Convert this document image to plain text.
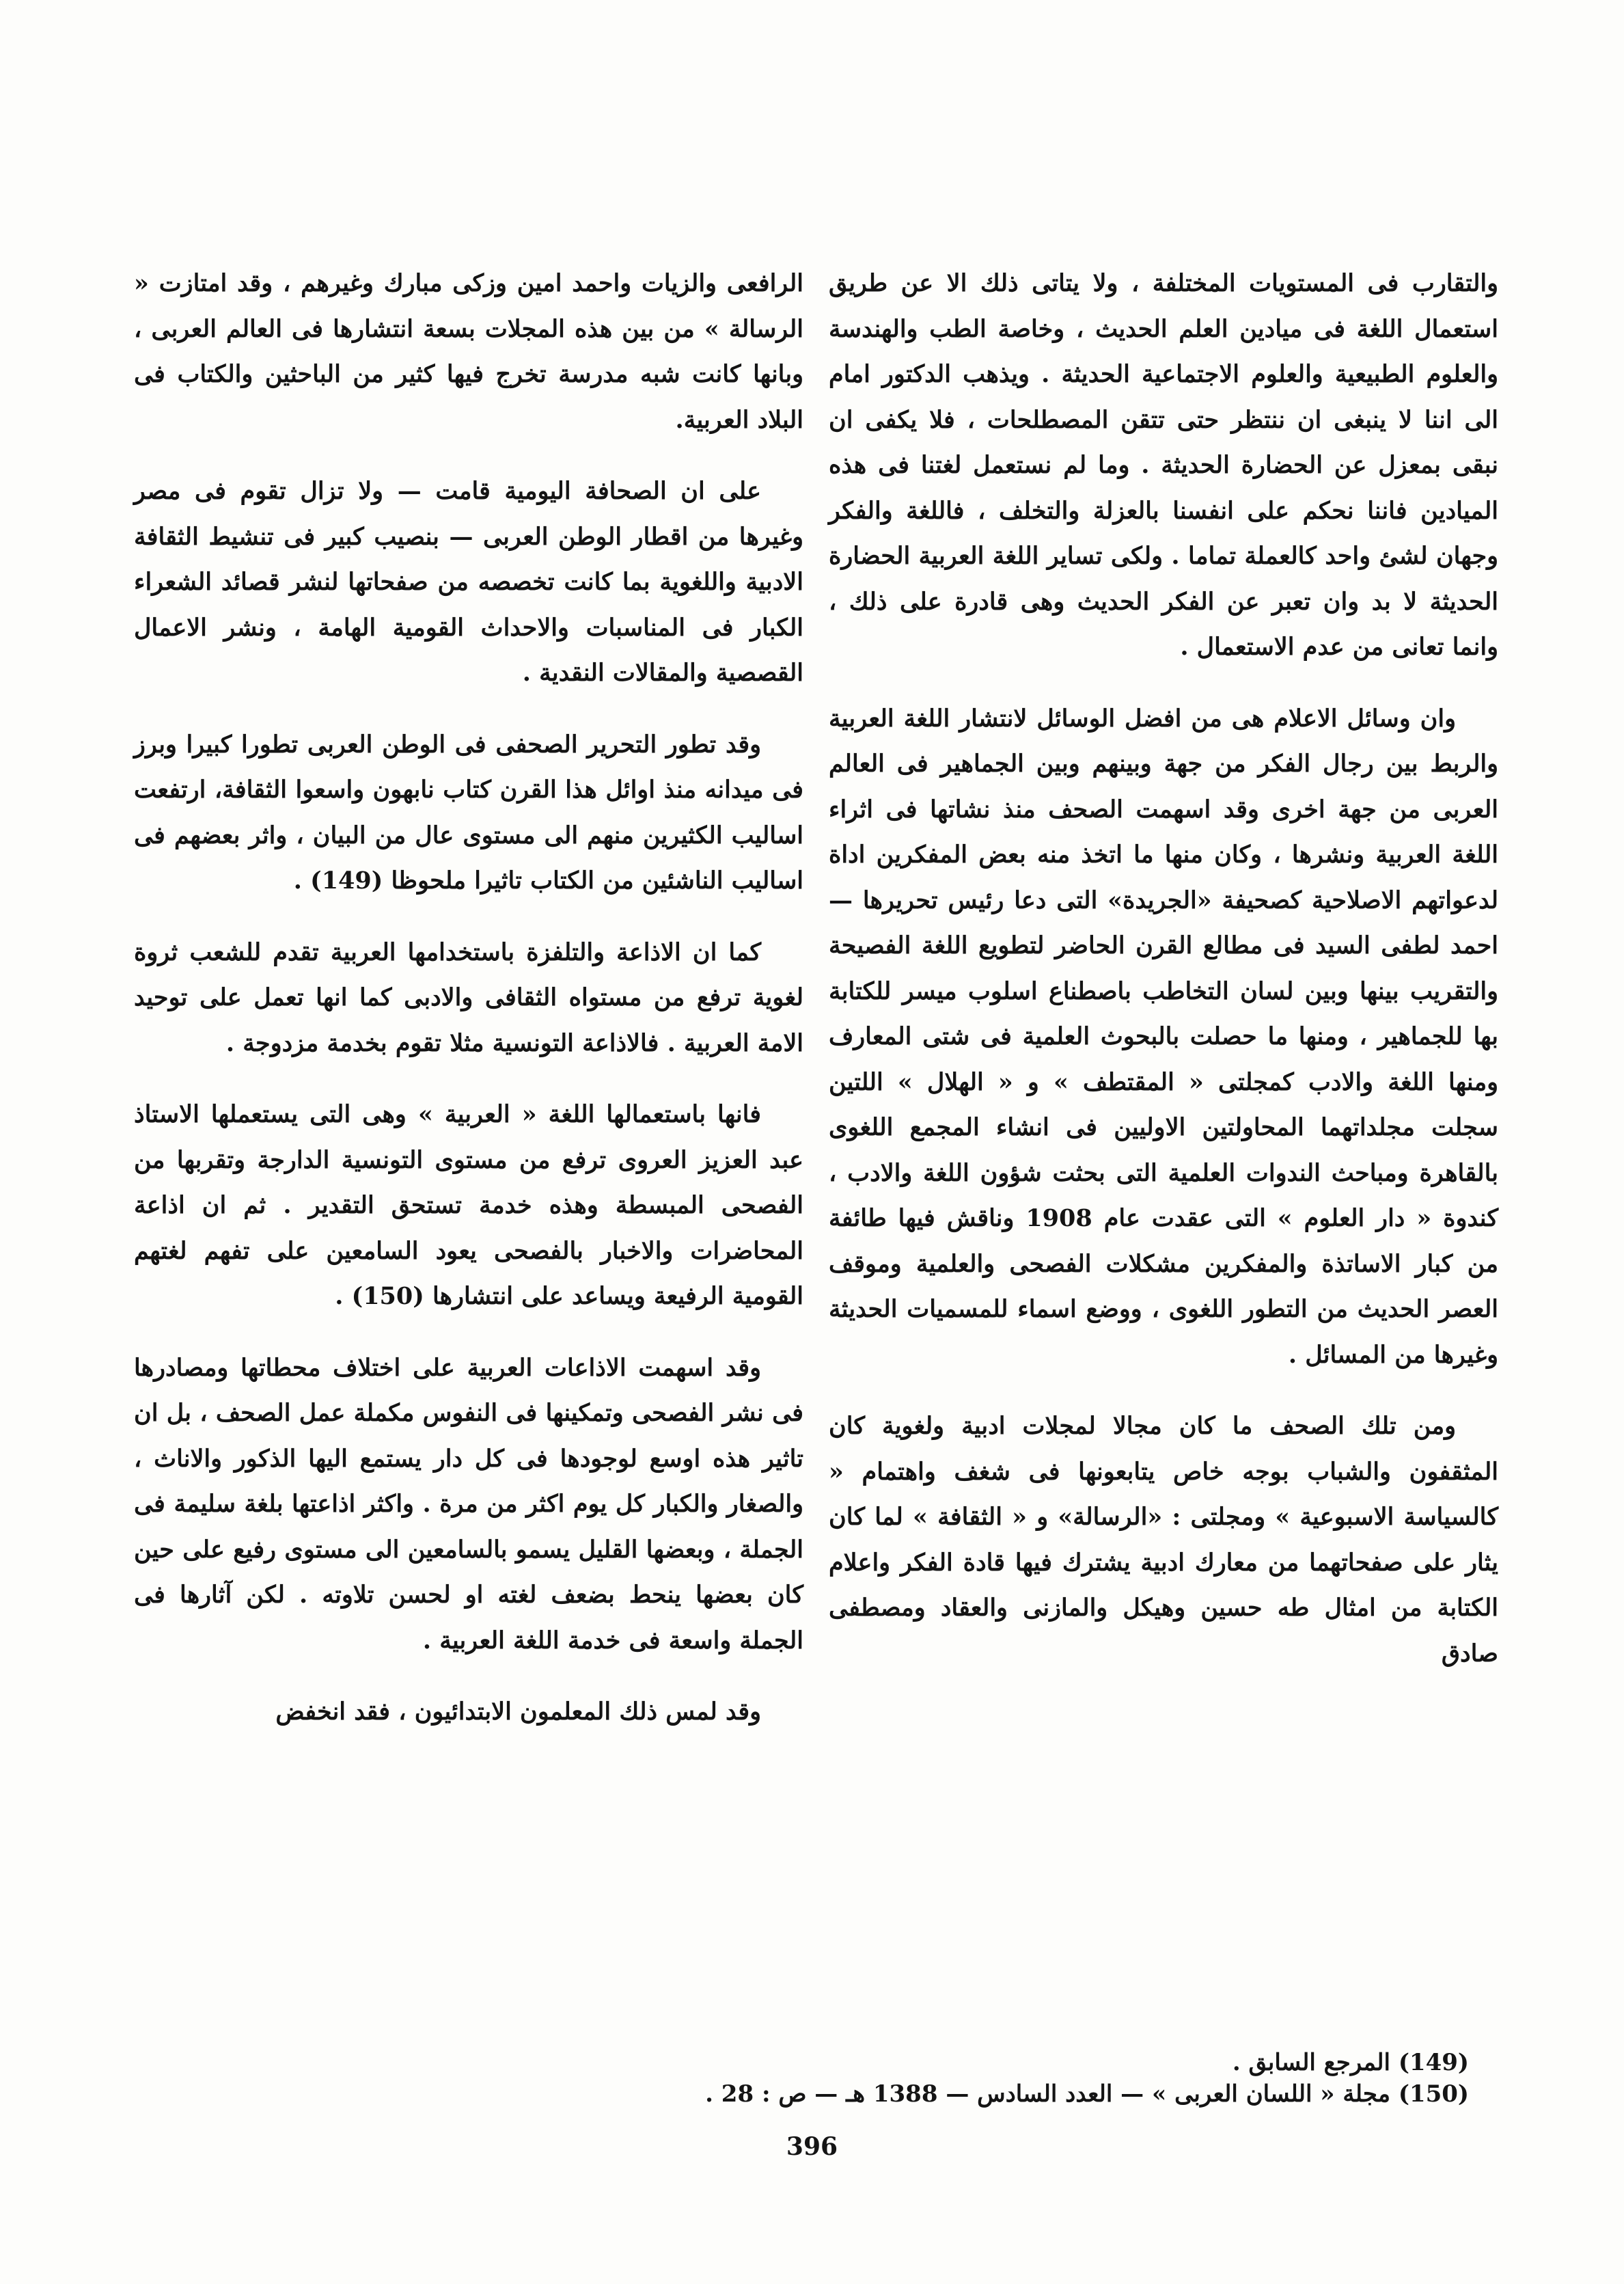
والتقارب فى المستويات المختلفة ، ولا يتاتى ذلك الا عن طريق استعمال اللغة فى ميادين العلم الحديث ، وخاصة الطب والهندسة والعلوم الطبيعية والعلوم الاجتماعية الحديثة . ويذهب الدكتور امام الى اننا لا ينبغى ان ننتظر حتى تتقن المصطلحات ، فلا يكفى ان نبقى بمعزل عن الحضارة الحديثة . وما لم نستعمل لغتنا فى هذه الميادين فاننا نحكم على انفسنا بالعزلة والتخلف ، فاللغة والفكر وجهان لشئ واحد كالعملة تماما . ولكى تساير اللغة العربية الحضارة الحديثة لا بد وان تعبر عن الفكر الحديث وهى قادرة على ذلك ، وانما تعانى من عدم الاستعمال .

وان وسائل الاعلام هى من افضل الوسائل لانتشار اللغة العربية والربط بين رجال الفكر من جهة وبينهم وبين الجماهير فى العالم العربى من جهة اخرى وقد اسهمت الصحف منذ نشاتها فى اثراء اللغة العربية ونشرها ، وكان منها ما اتخذ منه بعض المفكرين اداة لدعواتهم الاصلاحية كصحيفة «الجريدة» التى دعا رئيس تحريرها — احمد لطفى السيد فى مطالع القرن الحاضر لتطويع اللغة الفصيحة والتقريب بينها وبين لسان التخاطب باصطناع اسلوب ميسر للكتابة بها للجماهير ، ومنها ما حصلت بالبحوث العلمية فى شتى المعارف ومنها اللغة والادب كمجلتى « المقتطف » و « الهلال » اللتين سجلت مجلداتهما المحاولتين الاوليين فى انشاء المجمع اللغوى بالقاهرة ومباحث الندوات العلمية التى بحثت شؤون اللغة والادب ، كندوة « دار العلوم » التى عقدت عام 1908 وناقش فيها طائفة من كبار الاساتذة والمفكرين مشكلات الفصحى والعلمية وموقف العصر الحديث من التطور اللغوى ، ووضع اسماء للمسميات الحديثة وغيرها من المسائل .

ومن تلك الصحف ما كان مجالا لمجلات ادبية ولغوية كان المثقفون والشباب بوجه خاص يتابعونها فى شغف واهتمام « كالسياسة الاسبوعية » ومجلتى : «الرسالة» و « الثقافة » لما كان يثار على صفحاتهما من معارك ادبية يشترك فيها قادة الفكر واعلام الكتابة من امثال طه حسين وهيكل والمازنى والعقاد ومصطفى صادق

الرافعى والزيات واحمد امين وزكى مبارك وغيرهم ، وقد امتازت « الرسالة » من بين هذه المجلات بسعة انتشارها فى العالم العربى ، وبانها كانت شبه مدرسة تخرج فيها كثير من الباحثين والكتاب فى البلاد العربية.

على ان الصحافة اليومية قامت — ولا تزال تقوم فى مصر وغيرها من اقطار الوطن العربى — بنصيب كبير فى تنشيط الثقافة الادبية واللغوية بما كانت تخصصه من صفحاتها لنشر قصائد الشعراء الكبار فى المناسبات والاحداث القومية الهامة ، ونشر الاعمال القصصية والمقالات النقدية .

وقد تطور التحرير الصحفى فى الوطن العربى تطورا كبيرا وبرز فى ميدانه منذ اوائل هذا القرن كتاب نابهون واسعوا الثقافة، ارتفعت اساليب الكثيرين منهم الى مستوى عال من البيان ، واثر بعضهم فى اساليب الناشئين من الكتاب تاثيرا ملحوظا (149) .

كما ان الاذاعة والتلفزة باستخدامها العربية تقدم للشعب ثروة لغوية ترفع من مستواه الثقافى والادبى كما انها تعمل على توحيد الامة العربية . فالاذاعة التونسية مثلا تقوم بخدمة مزدوجة .

فانها باستعمالها اللغة « العربية » وهى التى يستعملها الاستاذ عبد العزيز العروى ترفع من مستوى التونسية الدارجة وتقربها من الفصحى المبسطة وهذه خدمة تستحق التقدير . ثم ان اذاعة المحاضرات والاخبار بالفصحى يعود السامعين على تفهم لغتهم القومية الرفيعة ويساعد على انتشارها (150) .

وقد اسهمت الاذاعات العربية على اختلاف محطاتها ومصادرها فى نشر الفصحى وتمكينها فى النفوس مكملة عمل الصحف ، بل ان تاثير هذه اوسع لوجودها فى كل دار يستمع اليها الذكور والاناث ، والصغار والكبار كل يوم اكثر من مرة . واكثر اذاعتها بلغة سليمة فى الجملة ، وبعضها القليل يسمو بالسامعين الى مستوى رفيع على حين كان بعضها ينحط بضعف لغته او لحسن تلاوته . لكن آثارها فى الجملة واسعة فى خدمة اللغة العربية .

وقد لمس ذلك المعلمون الابتدائيون ، فقد انخفض

(149) المرجع السابق .

(150) مجلة « اللسان العربى » — العدد السادس — 1388 هـ — ص : 28 .

396
